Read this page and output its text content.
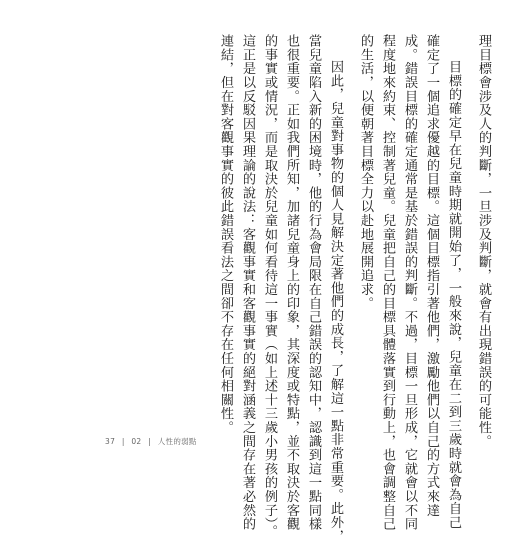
理目標會涉及人的判斷，一旦涉及判斷，就會有出現錯誤的可能性。

目標的確定早在兒童時期就開始了，一般來說，兒童在二到三歲時就會為自己

確定了一個追求優越的目標。這個目標指引著他們，激勵他們以自己的方式來達

成。錯誤目標的確定通常是基於錯誤的判斷。不過，目標一旦形成，它就會以不同

程度地來約束、控制著兒童。兒童把自己的目標具體落實到行動上，也會調整自己

的生活，以便朝著目標全力以赴地展開追求。

因此，兒童對事物的個人見解決定著他們的成長，了解這一點非常重要。此外，

當兒童陷入新的困境時，他的行為會局限在自己錯誤的認知中，認識到這一點同樣

也很重要。正如我們所知，加諸兒童身上的印象，其深度或特點，並不取決於客觀

的事實或情況，而是取決於兒童如何看待這一事實（如上述十三歲小男孩的例子）。

這正是以反駁因果理論的說法：客觀事實和客觀事實的絕對涵義之間存在著必然的

連結，但在對客觀事實的彼此錯誤看法之間卻不存在任何相關性。

37 | 02 | 人性的弱點
